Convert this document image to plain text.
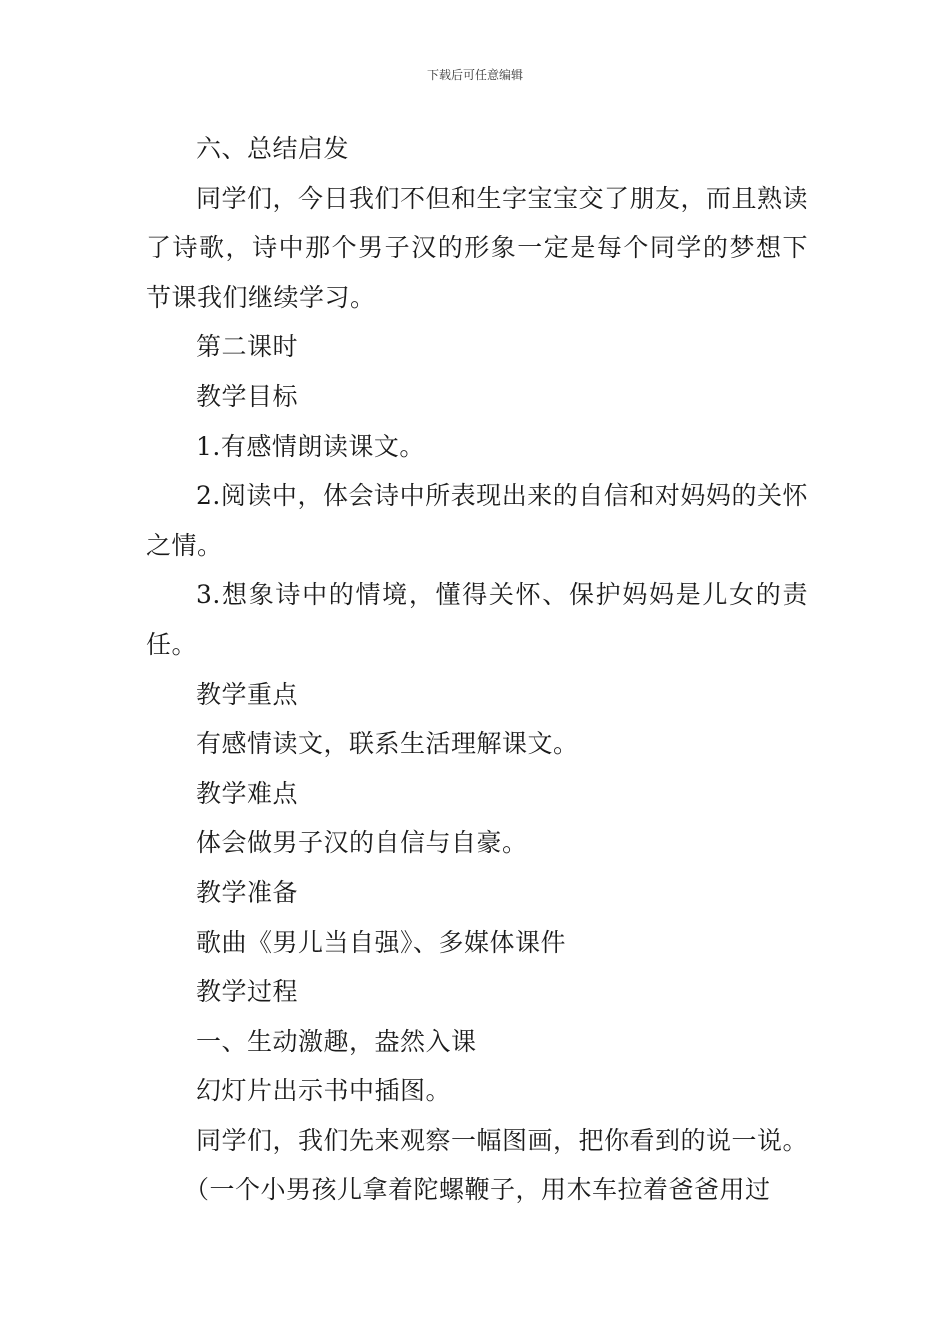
下载后可任意编辑

六、总结启发

同学们，今日我们不但和生字宝宝交了朋友，而且熟读了诗歌，诗中那个男子汉的形象一定是每个同学的梦想下节课我们继续学习。

第二课时

教学目标

1.有感情朗读课文。

2.阅读中，体会诗中所表现出来的自信和对妈妈的关怀之情。

3.想象诗中的情境，懂得关怀、保护妈妈是儿女的责任。

教学重点

有感情读文，联系生活理解课文。

教学难点

体会做男子汉的自信与自豪。

教学准备

歌曲《男儿当自强》、多媒体课件

教学过程

一、生动激趣，盎然入课

幻灯片出示书中插图。

同学们，我们先来观察一幅图画，把你看到的说一说。

（一个小男孩儿拿着陀螺鞭子，用木车拉着爸爸用过
